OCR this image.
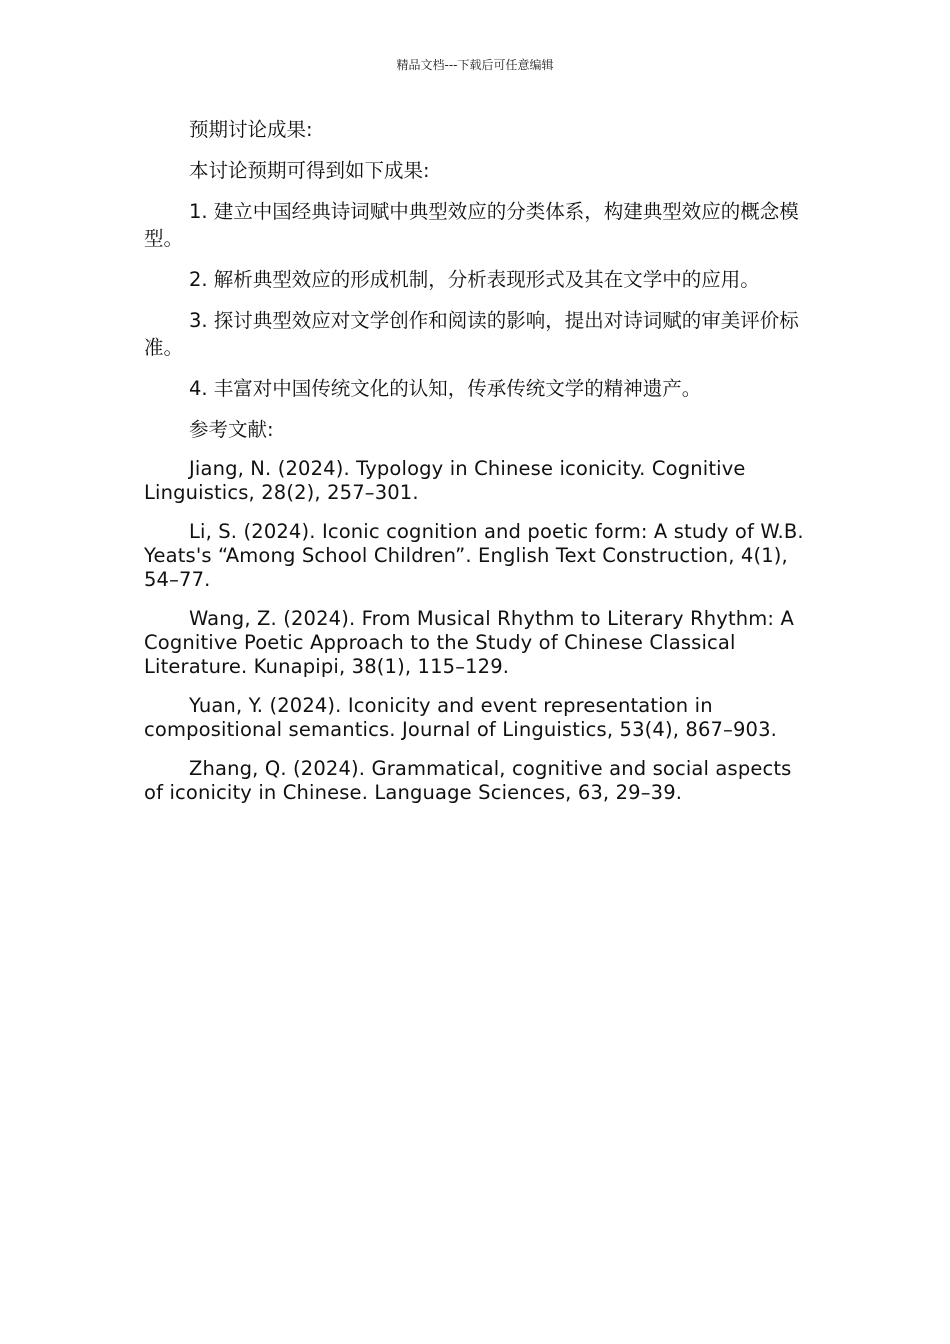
精品文档---下载后可任意编辑

预期讨论成果:

本讨论预期可得到如下成果:

1. 建立中国经典诗词赋中典型效应的分类体系，构建典型效应的概念模型。

2. 解析典型效应的形成机制，分析表现形式及其在文学中的应用。

3. 探讨典型效应对文学创作和阅读的影响，提出对诗词赋的审美评价标准。

4. 丰富对中国传统文化的认知，传承传统文学的精神遗产。

参考文献:

Jiang, N. (2024). Typology in Chinese iconicity. Cognitive Linguistics, 28(2), 257–301.

Li, S. (2024). Iconic cognition and poetic form: A study of W.B. Yeats's “Among School Children”. English Text Construction, 4(1), 54–77.

Wang, Z. (2024). From Musical Rhythm to Literary Rhythm: A Cognitive Poetic Approach to the Study of Chinese Classical Literature. Kunapipi, 38(1), 115–129.

Yuan, Y. (2024). Iconicity and event representation in compositional semantics. Journal of Linguistics, 53(4), 867–903.

Zhang, Q. (2024). Grammatical, cognitive and social aspects of iconicity in Chinese. Language Sciences, 63, 29–39.
